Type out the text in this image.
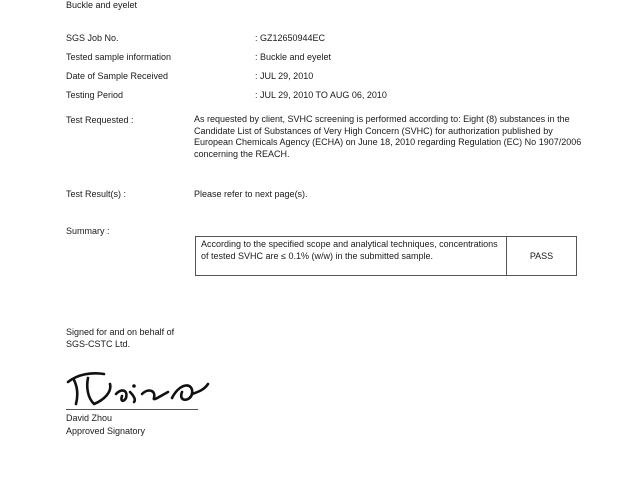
Buckle and eyelet
SGS Job No.	: GZ12650944EC
Tested sample information	: Buckle and eyelet
Date of Sample Received	: JUL 29, 2010
Testing Period	: JUL 29, 2010 TO AUG 06, 2010
Test Requested :	As requested by client, SVHC screening is performed according to: Eight (8) substances in the Candidate List of Substances of Very High Concern (SVHC) for authorization published by European Chemicals Agency (ECHA) on June 18, 2010 regarding Regulation (EC) No 1907/2006 concerning the REACH.
Test Result(s) :	Please refer to next page(s).
Summary :
According to the specified scope and analytical techniques, concentrations of tested SVHC are ≤ 0.1% (w/w) in the submitted sample.	PASS
Signed for and on behalf of
SGS-CSTC Ltd.
David Zhou
Approved Signatory
